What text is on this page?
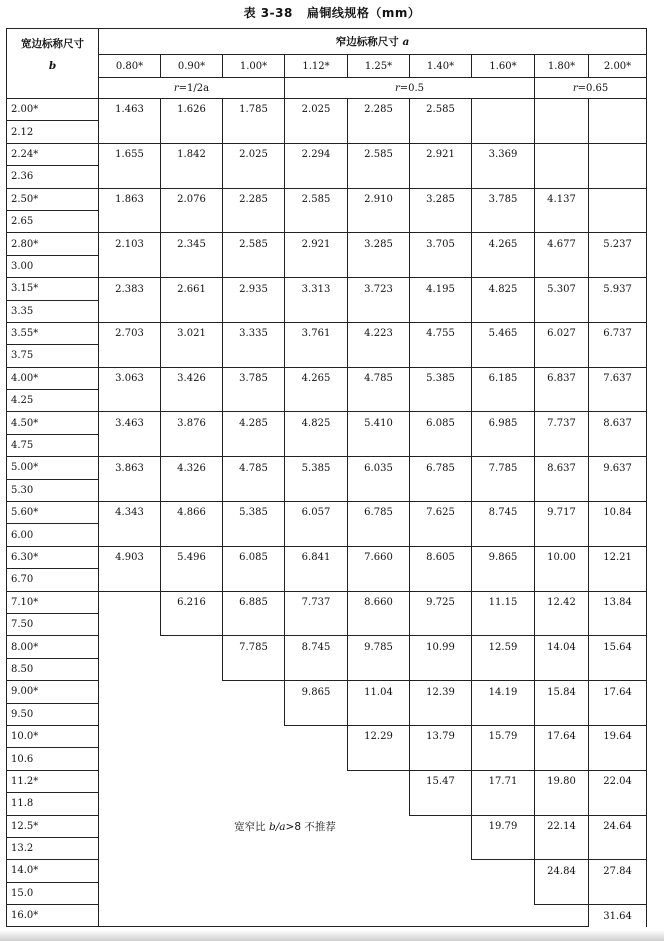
表 3-38 扁铜线规格（mm）
宽边标称尺寸
b	窄边标称尺寸 a								
	0.80*	0.90*	1.00*	1.12*	1.25*	1.40*	1.60*	1.80*	2.00*
	r=1/2a			r=0.5				r=0.65	
2.00*	1.463	1.626	1.785	2.025	2.285	2.585			
2.12									
2.24*	1.655	1.842	2.025	2.294	2.585	2.921	3.369		
2.36									
2.50*	1.863	2.076	2.285	2.585	2.910	3.285	3.785	4.137	
2.65									
2.80*	2.103	2.345	2.585	2.921	3.285	3.705	4.265	4.677	5.237
3.00									
3.15*	2.383	2.661	2.935	3.313	3.723	4.195	4.825	5.307	5.937
3.35									
3.55*	2.703	3.021	3.335	3.761	4.223	4.755	5.465	6.027	6.737
3.75									
4.00*	3.063	3.426	3.785	4.265	4.785	5.385	6.185	6.837	7.637
4.25									
4.50*	3.463	3.876	4.285	4.825	5.410	6.085	6.985	7.737	8.637
4.75									
5.00*	3.863	4.326	4.785	5.385	6.035	6.785	7.785	8.637	9.637
5.30									
5.60*	4.343	4.866	5.385	6.057	6.785	7.625	8.745	9.717	10.84
6.00									
6.30*	4.903	5.496	6.085	6.841	7.660	8.605	9.865	10.00	12.21
6.70									
7.10*		6.216	6.885	7.737	8.660	9.725	11.15	12.42	13.84
7.50									
8.00*			7.785	8.745	9.785	10.99	12.59	14.04	15.64
8.50									
9.00*				9.865	11.04	12.39	14.19	15.84	17.64
9.50									
10.0*					12.29	13.79	15.79	17.64	19.64
10.6									
11.2*						15.47	17.71	19.80	22.04
11.8									
12.5*	宽窄比 b/a>8 不推荐						19.79	22.14	24.64
13.2									
14.0*								24.84	27.84
15.0									
16.0*									31.64
